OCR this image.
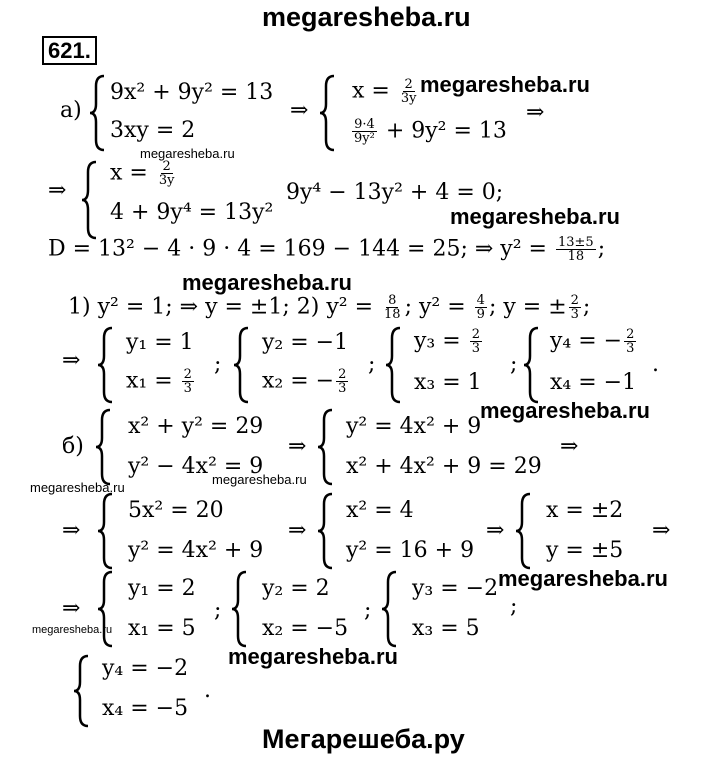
megaresheba.ru
621.
а)
9x² + 9y² = 13
3xy = 2
⇒
$x = \frac{2}{3y}$ megaresheba.ru
$\frac{9\cdot 4}{\text{9y²}} + 9y^2 = 13$
⇒
megaresheba.ru
⇒
$x = \frac{2}{3y}$
4 + 9y⁴ = 13y²
9y⁴ − 13y² + 4 = 0;
megaresheba.ru
D = 13² − 4 · 9 · 4 = 169 − 144 = 25; ⇒ $y^2 = \frac{13\pm 5}{18}$ ;
megaresheba.ru
1) y² = 1; ⇒ y = ±1; 2) $y^2 = \frac{8}{18}$ ; $y^2 = \frac{4}{9}$ ; y = ± $\frac{2}{3}$ ;
⇒
y₁ = 1
$x_1 = \frac{2}{3}$
;
y₂ = −1
x₂ = − $\frac{2}{3}$
;
$y_3 = \frac{2}{3}$
x₃ = 1
;
y₄ = − $\frac{2}{3}$
x₄ = −1
.
megaresheba.ru
б)
x² + y² = 29
y² − 4x² = 9
⇒
y² = 4x² + 9
x² + 4x² + 9 = 29
⇒
megaresheba.ru
megaresheba.ru
⇒
5x² = 20
y² = 4x² + 9
⇒
x² = 4
y² = 16 + 9
⇒
x = ±2
y = ±5
⇒
⇒
y₁ = 2
x₁ = 5
;
y₂ = 2
x₂ = −5
;
y₃ = −2
x₃ = 5
;
megaresheba.ru
megaresheba.ru
megaresheba.ru
y₄ = −2
x₄ = −5
.
Мегарешеба.ру
